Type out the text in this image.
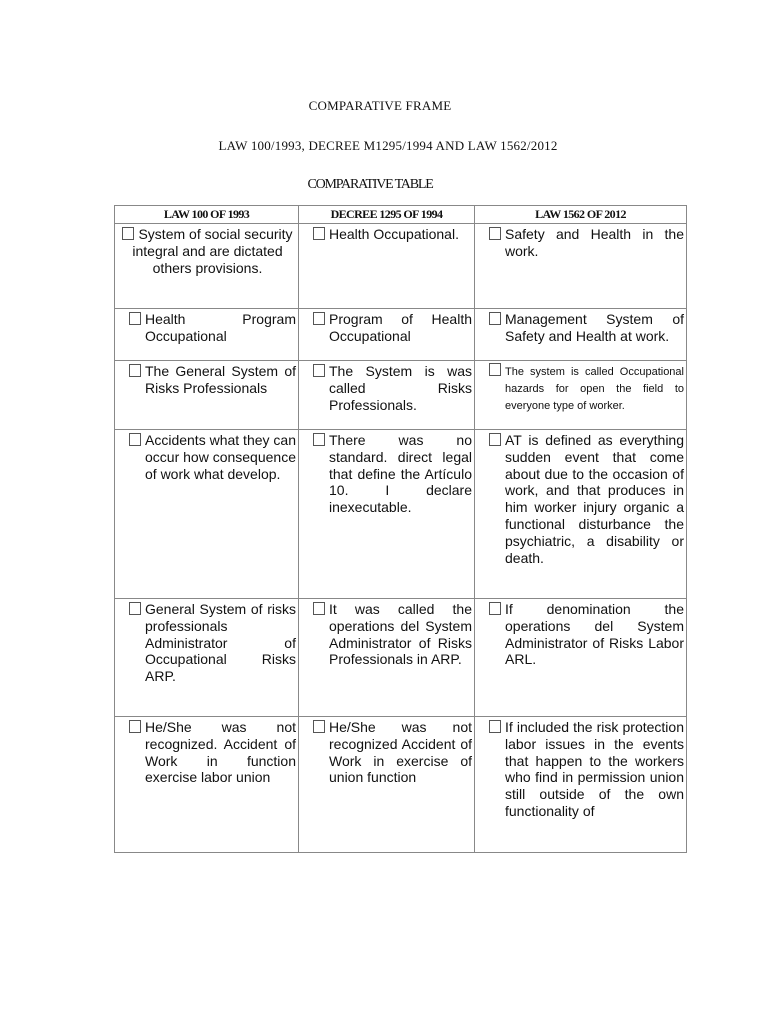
COMPARATIVE FRAME
LAW 100/1993, DECREE M1295/1994 AND LAW 1562/2012
COMPARATIVE TABLE
LAW 100 OF 1993	DECREE 1295 OF 1994	LAW 1562 OF 2012

System of social security integral and are dictated others provisions.	Health Occupational.	Safety and Health in the work.

Health Program Occupational	Program of Health Occupational	Management System of Safety and Health at work.

The General System of Risks Professionals	The System is was called Risks Professionals.	The system is called Occupational hazards for open the field to everyone type of worker.

Accidents what they can occur how consequence of work what develop.	There was no standard. direct legal that define the Artículo 10. I declare inexecutable.	AT is defined as everything sudden event that come about due to the occasion of work, and that produces in him worker injury organic a functional disturbance the psychiatric, a disability or death.

General System of risks professionals Administrator of Occupational Risks ARP.	It was called the operations del System Administrator of Risks Professionals in ARP.	If denomination the operations del System Administrator of Risks Labor ARL.

He/She was not recognized. Accident of Work in function exercise labor union	He/She was not recognized Accident of Work in exercise of union function	If included the risk protection labor issues in the events that happen to the workers who find in permission union still outside of the own functionality of
